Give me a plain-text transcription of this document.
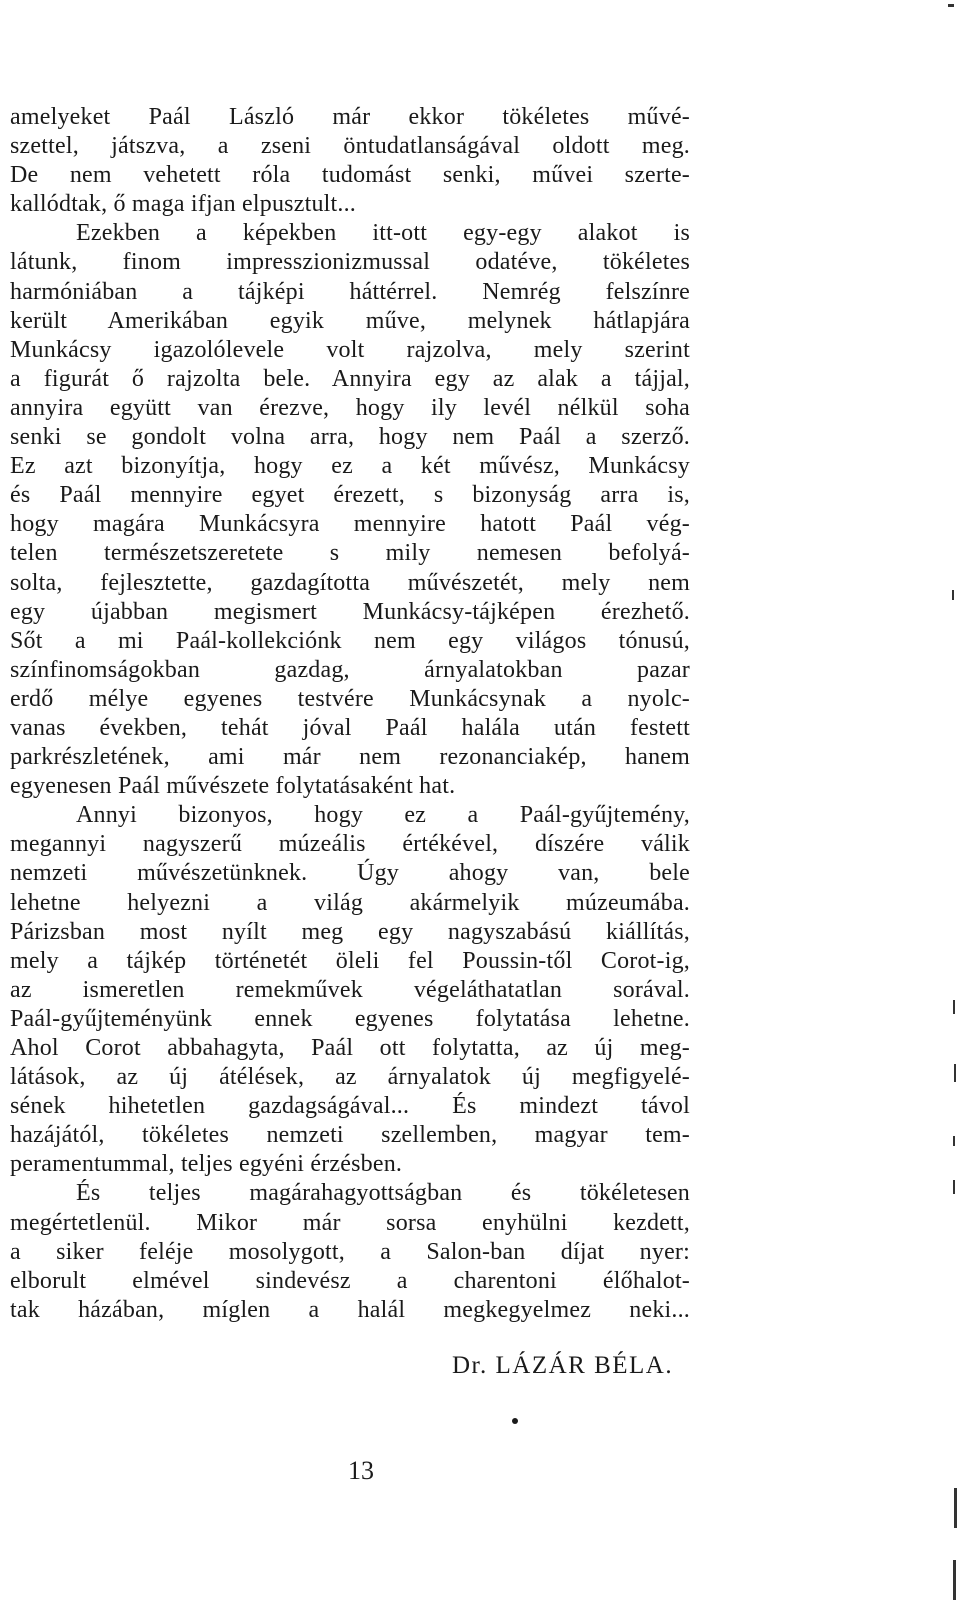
amelyeket Paál László már ekkor tökéletes művé-
szettel, játszva, a zseni öntudatlanságával oldott meg.
De nem vehetett róla tudomást senki, művei szerte-
kallódtak, ő maga ifjan elpusztult...
Ezekben a képekben itt-ott egy-egy alakot is
látunk, finom impresszionizmussal odatéve, tökéletes
harmóniában a tájképi háttérrel. Nemrég felszínre
került Amerikában egyik műve, melynek hátlapjára
Munkácsy igazolólevele volt rajzolva, mely szerint
a figurát ő rajzolta bele. Annyira egy az alak a tájjal,
annyira együtt van érezve, hogy ily levél nélkül soha
senki se gondolt volna arra, hogy nem Paál a szerző.
Ez azt bizonyítja, hogy ez a két művész, Munkácsy
és Paál mennyire egyet érezett, s bizonyság arra is,
hogy magára Munkácsyra mennyire hatott Paál vég-
telen természetszeretete s mily nemesen befolyá-
solta, fejlesztette, gazdagította művészetét, mely nem
egy újabban megismert Munkácsy-tájképen érezhető.
Sőt a mi Paál-kollekciónk nem egy világos tónusú,
színfinomságokban gazdag, árnyalatokban pazar
erdő mélye egyenes testvére Munkácsynak a nyolc-
vanas években, tehát jóval Paál halála után festett
parkrészletének, ami már nem rezonanciakép, hanem
egyenesen Paál művészete folytatásaként hat.
Annyi bizonyos, hogy ez a Paál-gyűjtemény,
megannyi nagyszerű múzeális értékével, díszére válik
nemzeti művészetünknek. Úgy ahogy van, bele
lehetne helyezni a világ akármelyik múzeumába.
Párizsban most nyílt meg egy nagyszabású kiállítás,
mely a tájkép történetét öleli fel Poussin-től Corot-ig,
az ismeretlen remekművek végeláthatatlan sorával.
Paál-gyűjteményünk ennek egyenes folytatása lehetne.
Ahol Corot abbahagyta, Paál ott folytatta, az új meg-
látások, az új átélések, az árnyalatok új megfigyelé-
sének hihetetlen gazdagságával... És mindezt távol
hazájától, tökéletes nemzeti szellemben, magyar tem-
peramentummal, teljes egyéni érzésben.
És teljes magárahagyottságban és tökéletesen
megértetlenül. Mikor már sorsa enyhülni kezdett,
a siker feléje mosolygott, a Salon-ban díjat nyer:
elborult elmével sindevész a charentoni élőhalot-
tak házában, míglen a halál megkegyelmez neki...
Dr. LÁZÁR BÉLA.
13
